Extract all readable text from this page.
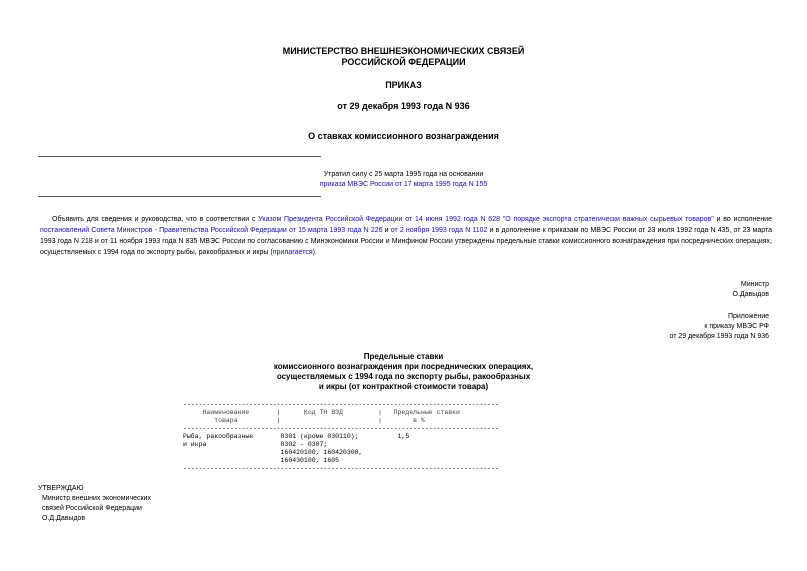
МИНИСТЕРСТВО ВНЕШНЕЭКОНОМИЧЕСКИХ СВЯЗЕЙ
РОССИЙСКОЙ ФЕДЕРАЦИИ
ПРИКАЗ
от 29 декабря 1993 года N 936
О ставках комиссионного вознаграждения
Утратил силу с 25 марта 1995 года на основании
приказа МВЭС России от 17 марта 1995 года N 155
Объявить для сведения и руководства, что в соответствии с Указом Президента Российской Федерации от 14 июня 1992 года N 628 "О порядке экспорта стратегически важных сырьевых товаров" и во исполнение постановлений Совета Министров - Правительства Российской Федерации от 15 марта 1993 года N 226 и от 2 ноября 1993 года N 1102 и в дополнение к приказам по МВЭС России от 23 июля 1992 года N 435, от 23 марта 1993 года N 218 и от 11 ноября 1993 года N 835 МВЭС России по согласованию с Минэкономики России и Минфином России утверждены предельные ставки комиссионного вознаграждения при посреднических операциях, осуществляемых с 1994 года по экспорту рыбы, ракообразных и икры (прилагается).
Министр
О.Давыдов
Приложение
к приказу МВЭС РФ
от 29 декабря 1993 года N 936
Предельные ставки
комиссионного вознаграждения при посреднических операциях,
осуществляемых с 1994 года по экспорту рыбы, ракообразных
и икры (от контрактной стоимости товара)
---------------------------------------------------------------------------------
Наименование       |      Код ТН ВЭД         |   Предельные ставки
товара          |                         |        в %
---------------------------------------------------------------------------------
Рыба, ракообразные       0301 (кроме 030110);          1,5
и икра                   0302 - 0307;
160420100, 160420300,
160430100, 1605
---------------------------------------------------------------------------------
УТВЕРЖДАЮ
Министр внешних экономических
связей Российской Федерации
О.Д.Давыдов
